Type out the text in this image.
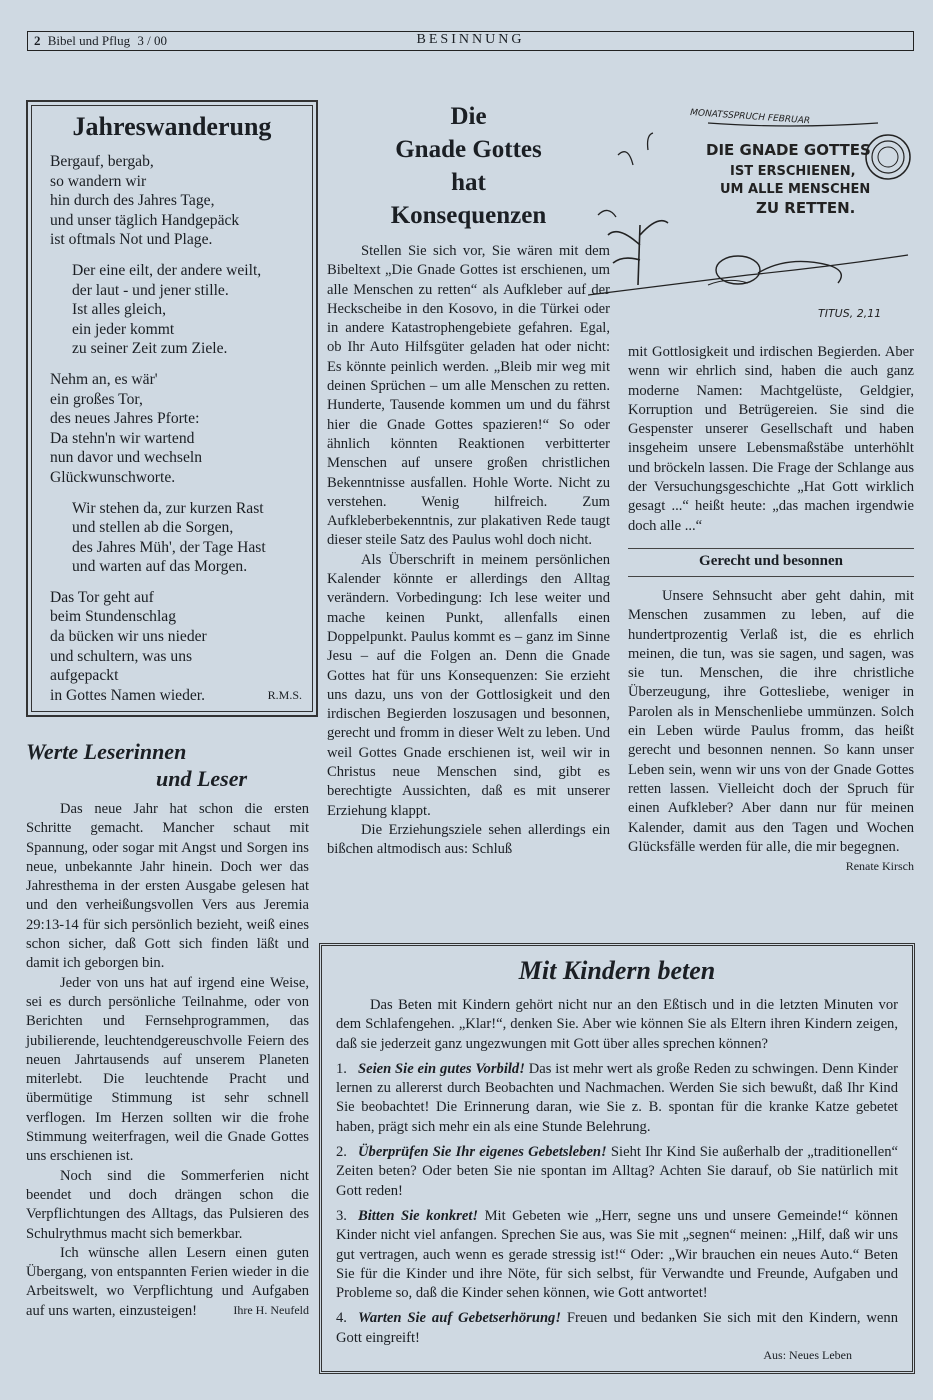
2 Bibel und Pflug 3 / 00	BESINNUNG
Jahreswanderung
Bergauf, bergab,
so wandern wir
hin durch des Jahres Tage,
und unser täglich Handgepäck
ist oftmals Not und Plage.
Der eine eilt, der andere weilt,
der laut - und jener stille.
Ist alles gleich,
ein jeder kommt
zu seiner Zeit zum Ziele.
Nehm an, es wär'
ein großes Tor,
des neues Jahres Pforte:
Da stehn'n wir wartend
nun davor und wechseln
Glückwunschworte.
Wir stehen da, zur kurzen Rast
und stellen ab die Sorgen,
des Jahres Müh', der Tage Hast
und warten auf das Morgen.
Das Tor geht auf
beim Stundenschlag
da bücken wir uns nieder
und schultern, was uns
aufgepackt
in Gottes Namen wieder.	R.M.S.
Werte Leserinnen
und Leser

Das neue Jahr hat schon die ersten Schritte gemacht. Mancher schaut mit Spannung, oder sogar mit Angst und Sorgen ins neue, unbekannte Jahr hinein. Doch wer das Jahresthema in der ersten Ausgabe gelesen hat und den verheißungsvollen Vers aus Jeremia 29:13-14 für sich persönlich bezieht, weiß eines schon sicher, daß Gott sich finden läßt und damit ich geborgen bin.

Jeder von uns hat auf irgend eine Weise, sei es durch persönliche Teilnahme, oder von Berichten und Fernsehprogrammen, das jubilierende, leuchtendgereuschvolle Feiern des neuen Jahrtausends auf unserem Planeten miterlebt. Die leuchtende Pracht und übermütige Stimmung ist sehr schnell verflogen. Im Herzen sollten wir die frohe Stimmung weiterfragen, weil die Gnade Gottes uns erschienen ist.

Noch sind die Sommerferien nicht beendet und doch drängen schon die Verpflichtungen des Alltags, das Pulsieren des Schulrythmus macht sich bemerkbar.

Ich wünsche allen Lesern einen guten Übergang, von entspannten Ferien wieder in die Arbeitswelt, wo Verpflichtung und Aufgaben auf uns warten, einzusteigen!	Ihre H. Neufeld
Die
Gnade Gottes
hat
Konsequenzen

Stellen Sie sich vor, Sie wären mit dem Bibeltext „Die Gnade Gottes ist erschienen, um alle Menschen zu retten“ als Aufkleber auf der Heckscheibe in den Kosovo, in die Türkei oder in andere Katastrophengebiete gefahren. Egal, ob Ihr Auto Hilfsgüter geladen hat oder nicht: Es könnte peinlich werden. „Bleib mir weg mit deinen Sprüchen – um alle Menschen zu retten. Hunderte, Tausende kommen um und du fährst hier die Gnade Gottes spazieren!“ So oder ähnlich könnten Reaktionen verbitterter Menschen auf unsere großen christlichen Bekenntnisse ausfallen. Hohle Worte. Nicht zu verstehen. Wenig hilfreich. Zum Aufkleberbekenntnis, zur plakativen Rede taugt dieser steile Satz des Paulus wohl doch nicht.

Als Überschrift in meinem persönlichen Kalender könnte er allerdings den Alltag verändern. Vorbedingung: Ich lese weiter und mache keinen Punkt, allenfalls einen Doppelpunkt. Paulus kommt es – ganz im Sinne Jesu – auf die Folgen an. Denn die Gnade Gottes hat für uns Konsequenzen: Sie erzieht uns dazu, uns von der Gottlosigkeit und den irdischen Begierden loszusagen und besonnen, gerecht und fromm in dieser Welt zu leben. Und weil Gottes Gnade erschienen ist, weil wir in Christus neue Menschen sind, gibt es berechtigte Aussichten, daß es mit unserer Erziehung klappt.

Die Erziehungsziele sehen allerdings ein bißchen altmodisch aus: Schluß

MONATSSPRUCH FEBRUAR
DIE GNADE GOTTES
IST ERSCHIENEN,
UM ALLE MENSCHEN
ZU RETTEN.
TITUS, 2,11
mit Gottlosigkeit und irdischen Begierden. Aber wenn wir ehrlich sind, haben die auch ganz moderne Namen: Machtgelüste, Geldgier, Korruption und Betrügereien. Sie sind die Gespenster unserer Gesellschaft und haben insgeheim unsere Lebensmaßstäbe unterhöhlt und bröckeln lassen. Die Frage der Schlange aus der Versuchungsgeschichte „Hat Gott wirklich gesagt ...“ heißt heute: „das machen irgendwie doch alle ...“
Gerecht und besonnen

Unsere Sehnsucht aber geht dahin, mit Menschen zusammen zu leben, auf die hundertprozentig Verlaß ist, die es ehrlich meinen, die tun, was sie sagen, und sagen, was sie tun. Menschen, die ihre christliche Überzeugung, ihre Gottesliebe, weniger in Parolen als in Menschenliebe ummünzen. Solch ein Leben würde Paulus fromm, das heißt gerecht und besonnen nennen. So kann unser Leben sein, wenn wir uns von der Gnade Gottes retten lassen. Vielleicht doch der Spruch für einen Aufkleber? Aber dann nur für meinen Kalender, damit aus den Tagen und Wochen Glücksfälle werden für alle, die mir begegnen.

Renate Kirsch
Mit Kindern beten

Das Beten mit Kindern gehört nicht nur an den Eßtisch und in die letzten Minuten vor dem Schlafengehen. „Klar!“, denken Sie. Aber wie können Sie als Eltern ihren Kindern zeigen, daß sie jederzeit ganz ungezwungen mit Gott über alles sprechen können?

1. Seien Sie ein gutes Vorbild! Das ist mehr wert als große Reden zu schwingen. Denn Kinder lernen zu allererst durch Beobachten und Nachmachen. Werden Sie sich bewußt, daß Ihr Kind Sie beobachtet! Die Erinnerung daran, wie Sie z. B. spontan für die kranke Katze gebetet haben, prägt sich mehr ein als eine Stunde Belehrung.
2. Überprüfen Sie Ihr eigenes Gebetsleben! Sieht Ihr Kind Sie außerhalb der „traditionellen“ Zeiten beten? Oder beten Sie nie spontan im Alltag? Achten Sie darauf, ob Sie natürlich mit Gott reden!
3. Bitten Sie konkret! Mit Gebeten wie „Herr, segne uns und unsere Gemeinde!“ können Kinder nicht viel anfangen. Sprechen Sie aus, was Sie mit „segnen“ meinen: „Hilf, daß wir uns gut vertragen, auch wenn es gerade stressig ist!“ Oder: „Wir brauchen ein neues Auto.“ Beten Sie für die Kinder und ihre Nöte, für sich selbst, für Verwandte und Freunde, Aufgaben und Probleme so, daß die Kinder sehen können, wie Gott antwortet!
4. Warten Sie auf Gebetserhörung! Freuen und bedanken Sie sich mit den Kindern, wenn Gott eingreift!
Aus: Neues Leben
